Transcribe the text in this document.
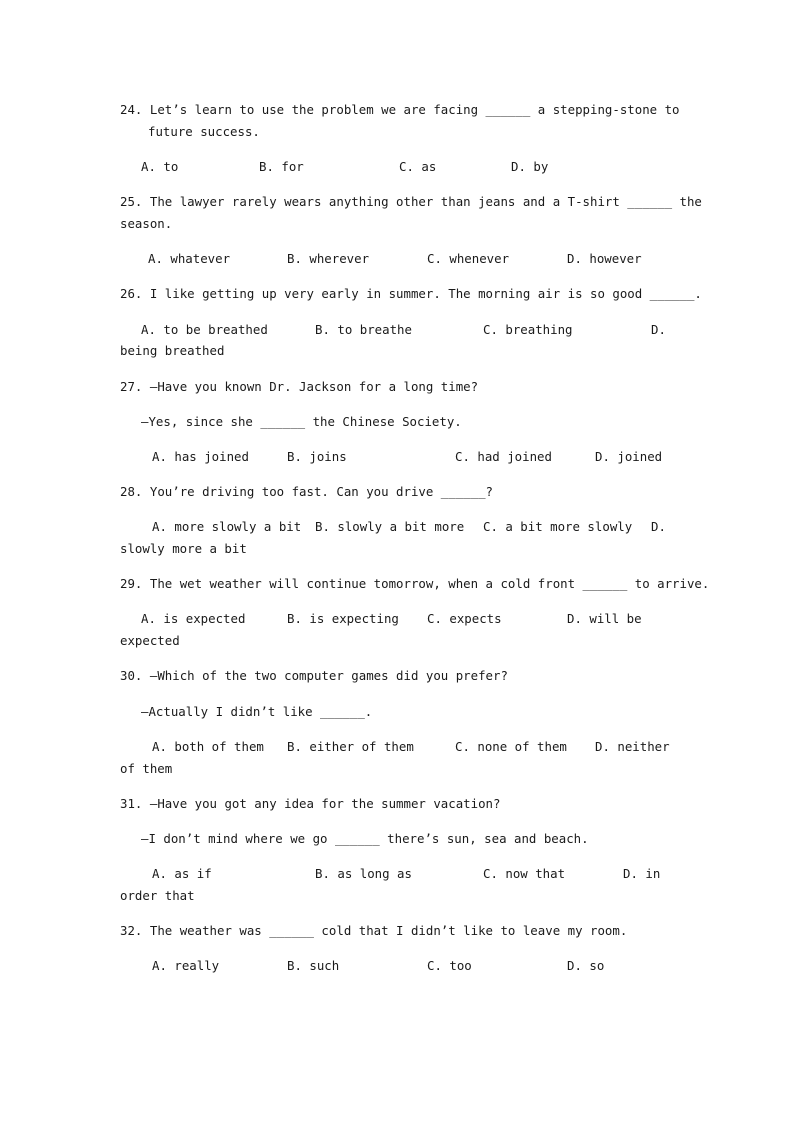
24. Let’s learn to use the problem we are facing ______ a stepping-stone to
future success.
A. to	B. for	C. as	D. by
25. The lawyer rarely wears anything other than jeans and a T-shirt ______ the
season.
A. whatever	B. wherever	C. whenever	D. however
26. I like getting up very early in summer. The morning air is so good ______.
A. to be breathed	B. to breathe	C. breathing	D.
being breathed
27. —Have you known Dr. Jackson for a long time?
—Yes, since she ______ the Chinese Society.
A. has joined	B. joins	C. had joined	D. joined
28. You’re driving too fast. Can you drive ______?
A. more slowly a bit B. slowly a bit more C. a bit more slowly D.
slowly more a bit
29. The wet weather will continue tomorrow, when a cold front ______ to arrive.
A. is expected	B. is expecting C. expects	D. will be
expected
30. —Which of the two computer games did you prefer?
—Actually I didn’t like ______.
A. both of them B. either of them	C. none of them D. neither
of them
31. —Have you got any idea for the summer vacation?
—I don’t mind where we go ______ there’s sun, sea and beach.
A. as if	B. as long as	C. now that	D. in
order that
32. The weather was ______ cold that I didn’t like to leave my room.
A. really	B. such	C. too	D. so
